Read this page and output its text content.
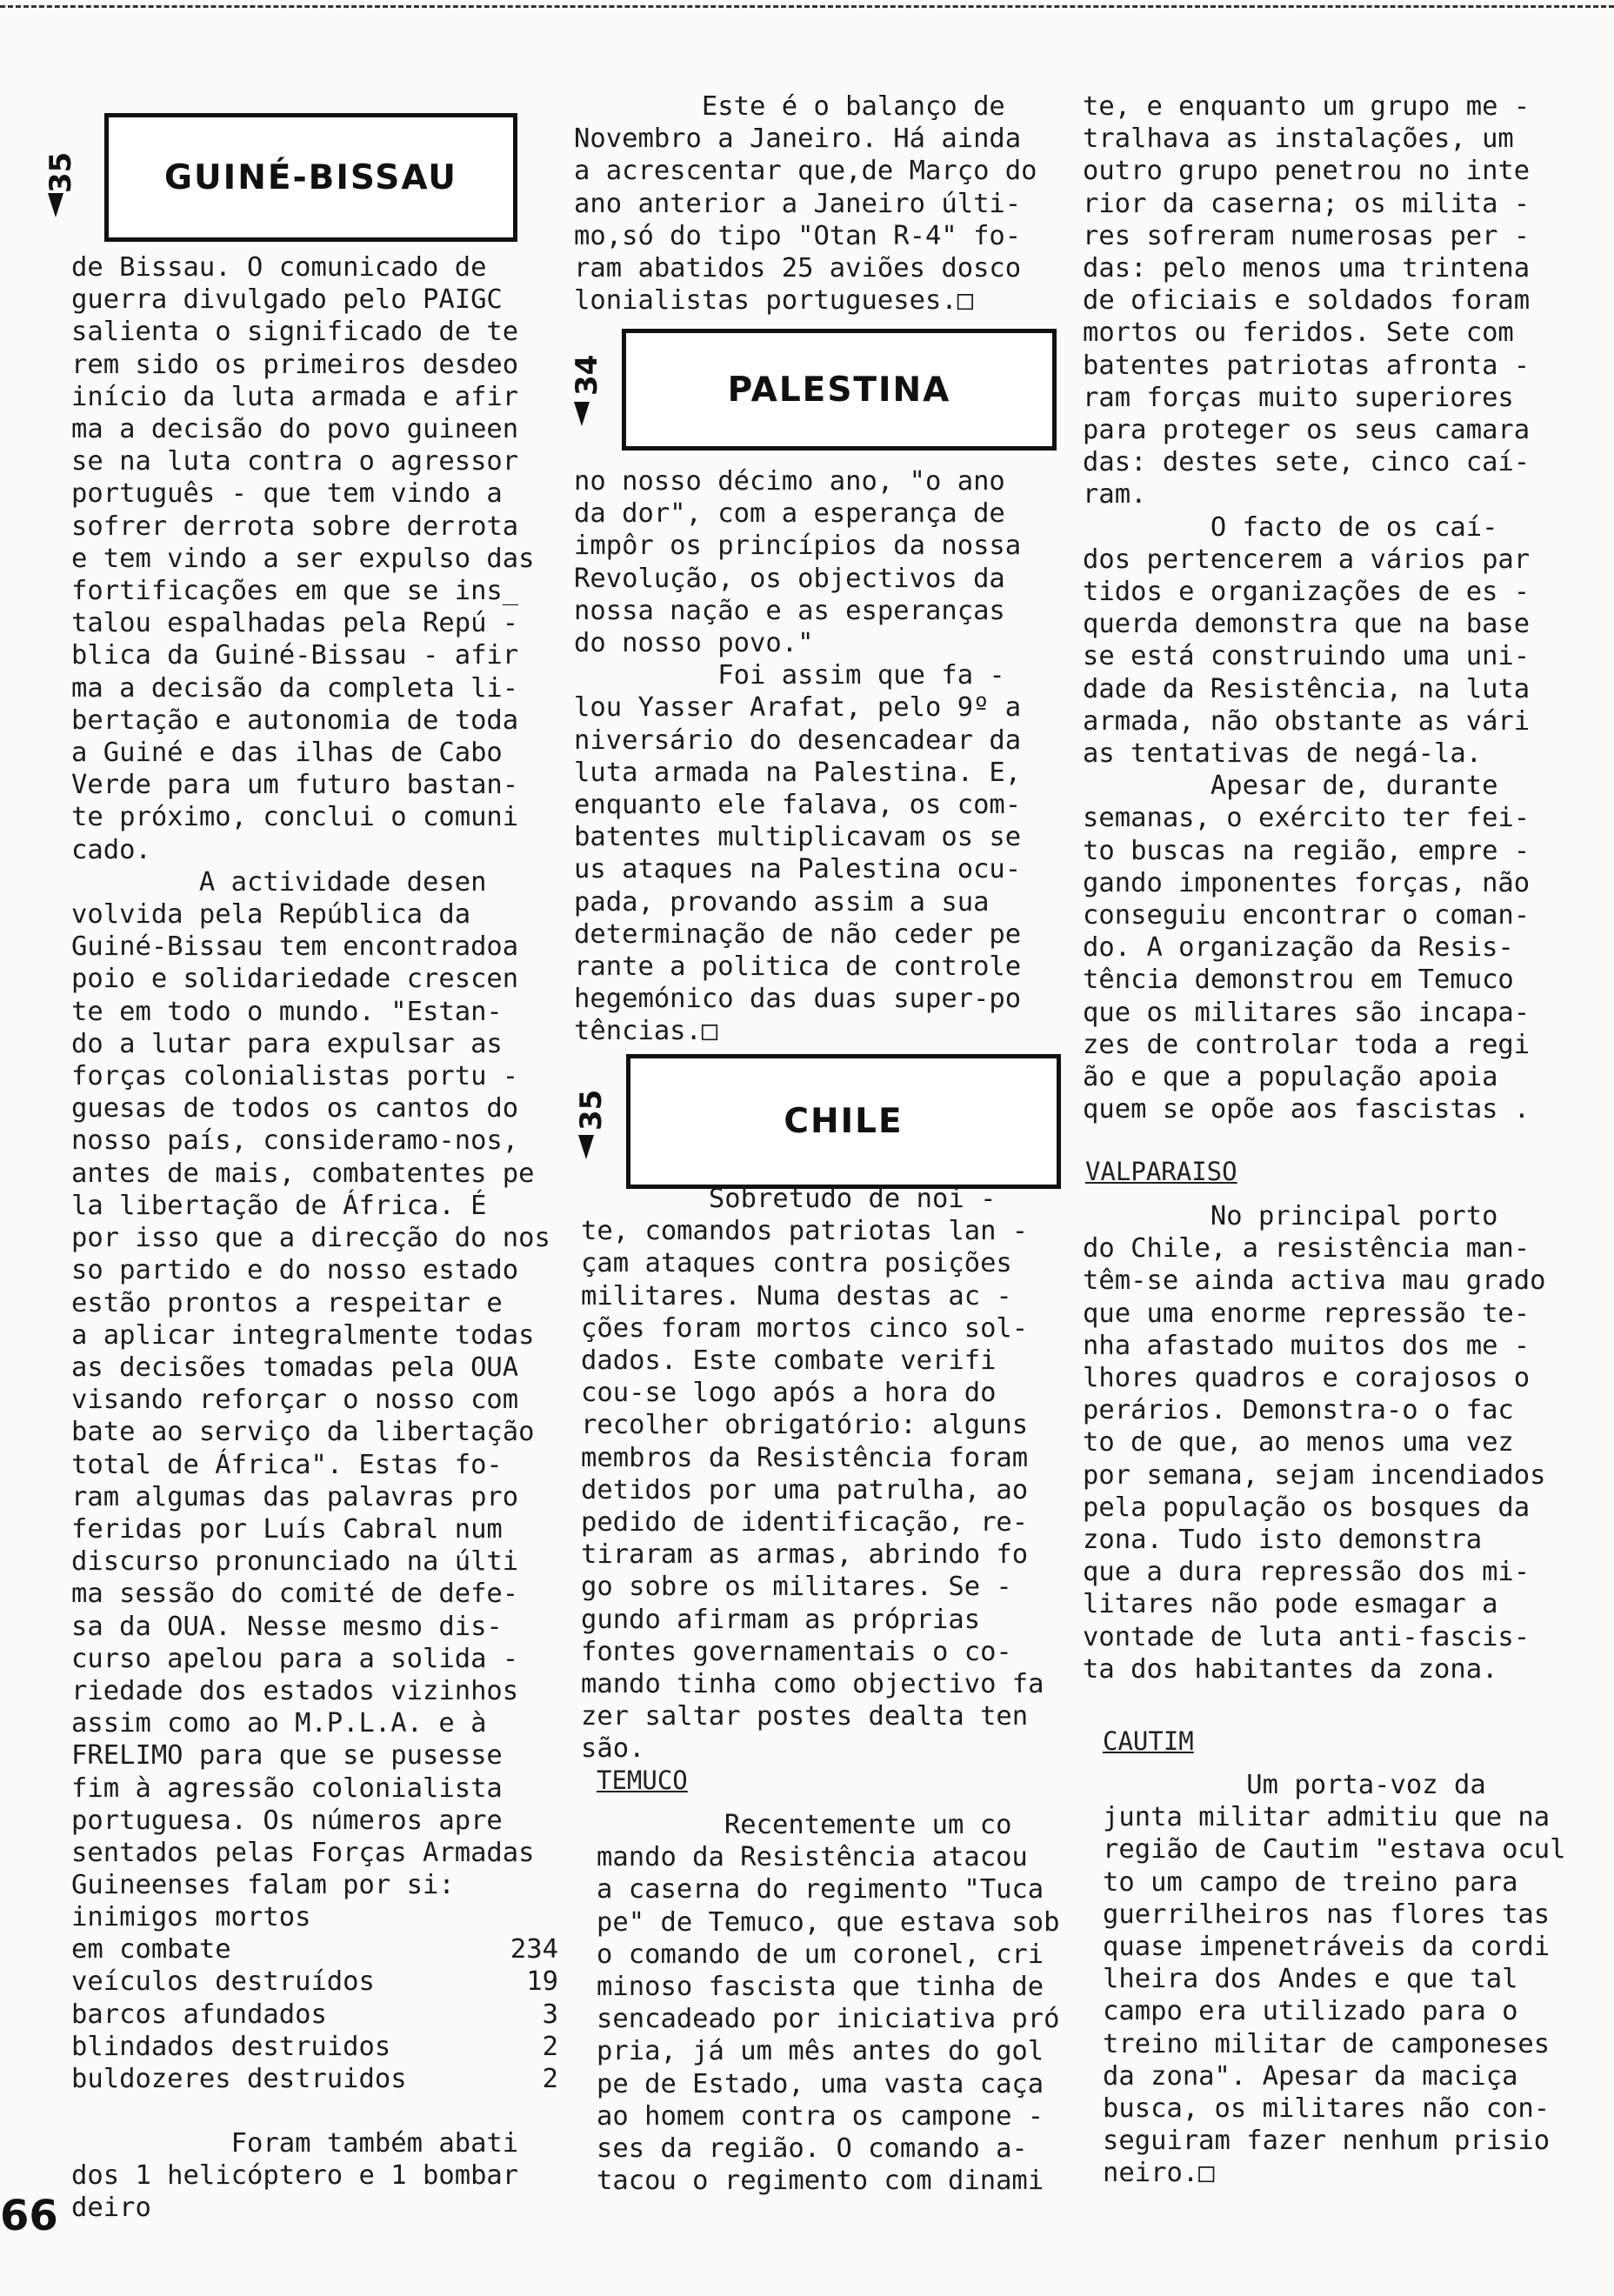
35	GUINÉ-BISSAU
34	PALESTINA
35	CHILE

de Bissau. O comunicado de

guerra divulgado pelo PAIGC

salienta o significado de te

rem sido os primeiros desdeo

início da luta armada e afir

ma a decisão do povo guineen

se na luta contra o agressor

português - que tem vindo a

sofrer derrota sobre derrota

e tem vindo a ser expulso das

fortificações em que se ins_

talou espalhadas pela Repú -

blica da Guiné-Bissau - afir

ma a decisão da completa li-

bertação e autonomia de toda

a Guiné e das ilhas de Cabo

Verde para um futuro bastan-

te próximo, conclui o comuni

cado.

A actividade desen

volvida pela República da

Guiné-Bissau tem encontradoa

poio e solidariedade crescen

te em todo o mundo. "Estan-

do a lutar para expulsar as

forças colonialistas portu -

guesas de todos os cantos do

nosso país, consideramo-nos,

antes de mais, combatentes pe

la libertação de África. É

por isso que a direcção do nos

so partido e do nosso estado

estão prontos a respeitar e

a aplicar integralmente todas

as decisões tomadas pela OUA

visando reforçar o nosso com

bate ao serviço da libertação

total de África". Estas fo-

ram algumas das palavras pro

feridas por Luís Cabral num

discurso pronunciado na últi

ma sessão do comité de defe-

sa da OUA. Nesse mesmo dis-

curso apelou para a solida -

riedade dos estados vizinhos

assim como ao M.P.L.A. e à

FRELIMO para que se pusesse

fim à agressão colonialista

portuguesa. Os números apre

sentados pelas Forças Armadas

Guineenses falam por si:

inimigos mortos
em combate	234
veículos destruídos	19
barcos afundados	3
blindados destruidos	2
buldozeres destruidos	2

Foram também abati

dos 1 helicóptero e 1 bombar

deiro

Este é o balanço de

Novembro a Janeiro. Há ainda

a acrescentar que,de Março do

ano anterior a Janeiro últi-

mo,só do tipo "Otan R-4" fo-

ram abatidos 25 aviões dosco

lonialistas portugueses.□

no nosso décimo ano, "o ano

da dor", com a esperança de

impôr os princípios da nossa

Revolução, os objectivos da

nossa nação e as esperanças

do nosso povo."

Foi assim que fa -

lou Yasser Arafat, pelo 9º a

niversário do desencadear da

luta armada na Palestina. E,

enquanto ele falava, os com-

batentes multiplicavam os se

us ataques na Palestina ocu-

pada, provando assim a sua

determinação de não ceder pe

rante a politica de controle

hegemónico das duas super-po

tências.□

Sobretudo de noi -

te, comandos patriotas lan -

çam ataques contra posições

militares. Numa destas ac -

ções foram mortos cinco sol-

dados. Este combate verifi

cou-se logo após a hora do

recolher obrigatório: alguns

membros da Resistência foram

detidos por uma patrulha, ao

pedido de identificação, re-

tiraram as armas, abrindo fo

go sobre os militares. Se -

gundo afirmam as próprias

fontes governamentais o co-

mando tinha como objectivo fa

zer saltar postes dealta ten

são.

TEMUCO

Recentemente um co

mando da Resistência atacou

a caserna do regimento "Tuca

pe" de Temuco, que estava sob

o comando de um coronel, cri

minoso fascista que tinha de

sencadeado por iniciativa pró

pria, já um mês antes do gol

pe de Estado, uma vasta caça

ao homem contra os campone -

ses da região. O comando a-

tacou o regimento com dinami

te, e enquanto um grupo me -

tralhava as instalações, um

outro grupo penetrou no inte

rior da caserna; os milita -

res sofreram numerosas per -

das: pelo menos uma trintena

de oficiais e soldados foram

mortos ou feridos. Sete com

batentes patriotas afronta -

ram forças muito superiores

para proteger os seus camara

das: destes sete, cinco caí-

ram.

O facto de os caí-

dos pertencerem a vários par

tidos e organizações de es -

querda demonstra que na base

se está construindo uma uni-

dade da Resistência, na luta

armada, não obstante as vári

as tentativas de negá-la.

Apesar de, durante

semanas, o exército ter fei-

to buscas na região, empre -

gando imponentes forças, não

conseguiu encontrar o coman-

do. A organização da Resis-

tência demonstrou em Temuco

que os militares são incapa-

zes de controlar toda a regi

ão e que a população apoia

quem se opõe aos fascistas .

VALPARAISO

No principal porto

do Chile, a resistência man-

têm-se ainda activa mau grado

que uma enorme repressão te-

nha afastado muitos dos me -

lhores quadros e corajosos o

perários. Demonstra-o o fac

to de que, ao menos uma vez

por semana, sejam incendiados

pela população os bosques da

zona. Tudo isto demonstra

que a dura repressão dos mi-

litares não pode esmagar a

vontade de luta anti-fascis-

ta dos habitantes da zona.

CAUTIM

Um porta-voz da

junta militar admitiu que na

região de Cautim "estava ocul

to um campo de treino para

guerrilheiros nas flores tas

quase impenetráveis da cordi

lheira dos Andes e que tal

campo era utilizado para o

treino militar de camponeses

da zona". Apesar da maciça

busca, os militares não con-

seguiram fazer nenhum prisio

neiro.□

66
